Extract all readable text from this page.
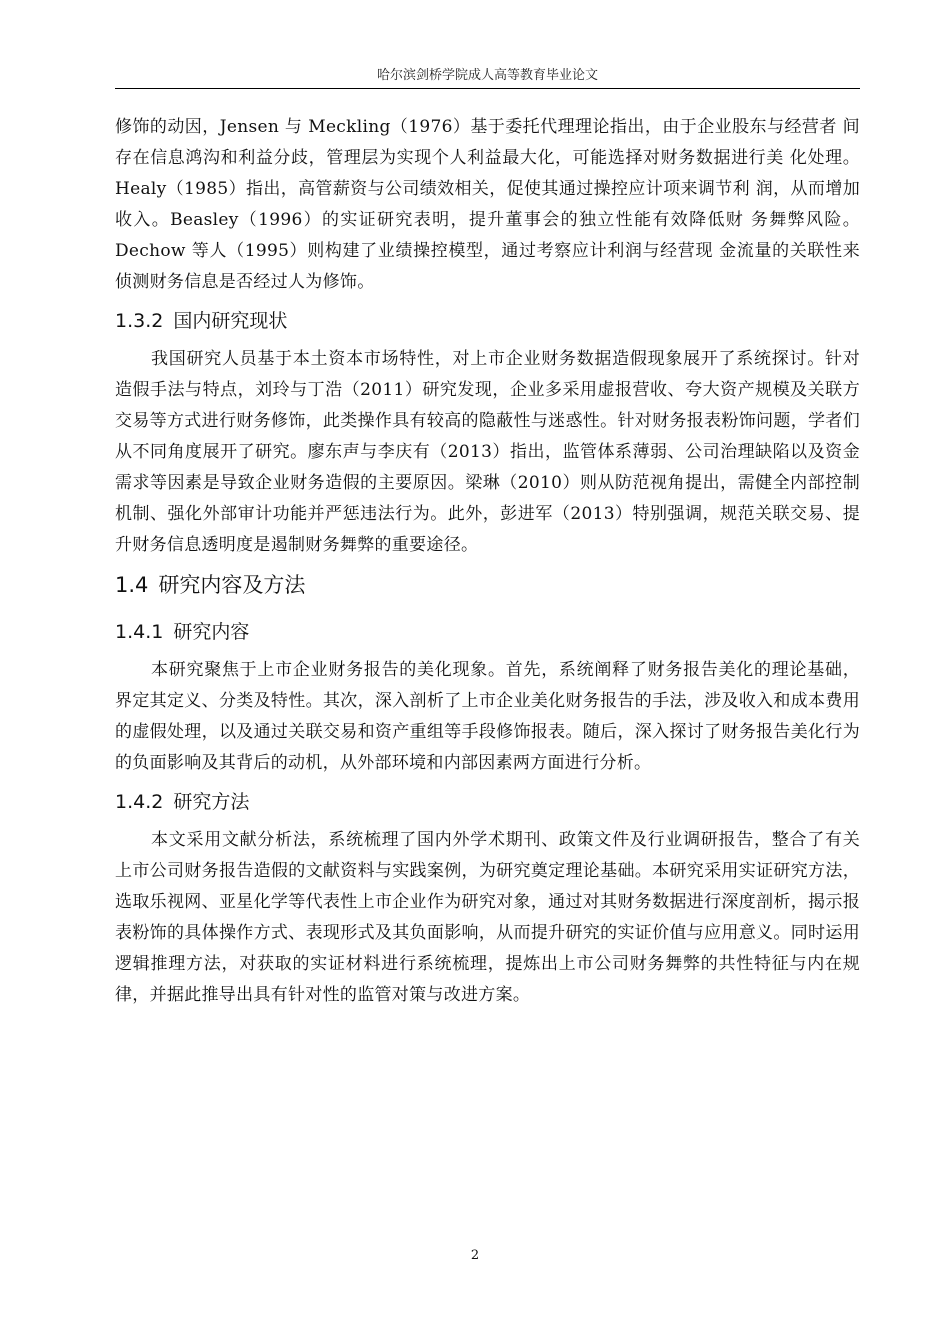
哈尔滨剑桥学院成人高等教育毕业论文

修饰的动因，Jensen 与 Meckling（1976）基于委托代理理论指出，由于企业股东与经营者 间存在信息鸿沟和利益分歧，管理层为实现个人利益最大化，可能选择对财务数据进行美 化处理。Healy（1985）指出，高管薪资与公司绩效相关，促使其通过操控应计项来调节利 润，从而增加收入。Beasley（1996）的实证研究表明，提升董事会的独立性能有效降低财 务舞弊风险。Dechow 等人（1995）则构建了业绩操控模型，通过考察应计利润与经营现 金流量的关联性来侦测财务信息是否经过人为修饰。

1.3.2 国内研究现状

我国研究人员基于本土资本市场特性，对上市企业财务数据造假现象展开了系统探讨。针对造假手法与特点，刘玲与丁浩（2011）研究发现，企业多采用虚报营收、夸大资产规模及关联方交易等方式进行财务修饰，此类操作具有较高的隐蔽性与迷惑性。针对财务报表粉饰问题，学者们从不同角度展开了研究。廖东声与李庆有（2013）指出，监管体系薄弱、公司治理缺陷以及资金需求等因素是导致企业财务造假的主要原因。梁琳（2010）则从防范视角提出，需健全内部控制机制、强化外部审计功能并严惩违法行为。此外，彭进军（2013）特别强调，规范关联交易、提升财务信息透明度是遏制财务舞弊的重要途径。

1.4 研究内容及方法
1.4.1 研究内容

本研究聚焦于上市企业财务报告的美化现象。首先，系统阐释了财务报告美化的理论基础，界定其定义、分类及特性。其次，深入剖析了上市企业美化财务报告的手法，涉及收入和成本费用的虚假处理，以及通过关联交易和资产重组等手段修饰报表。随后，深入探讨了财务报告美化行为的负面影响及其背后的动机，从外部环境和内部因素两方面进行分析。

1.4.2 研究方法

本文采用文献分析法，系统梳理了国内外学术期刊、政策文件及行业调研报告，整合了有关上市公司财务报告造假的文献资料与实践案例，为研究奠定理论基础。本研究采用实证研究方法，选取乐视网、亚星化学等代表性上市企业作为研究对象，通过对其财务数据进行深度剖析，揭示报表粉饰的具体操作方式、表现形式及其负面影响，从而提升研究的实证价值与应用意义。同时运用逻辑推理方法，对获取的实证材料进行系统梳理，提炼出上市公司财务舞弊的共性特征与内在规律，并据此推导出具有针对性的监管对策与改进方案。

2
